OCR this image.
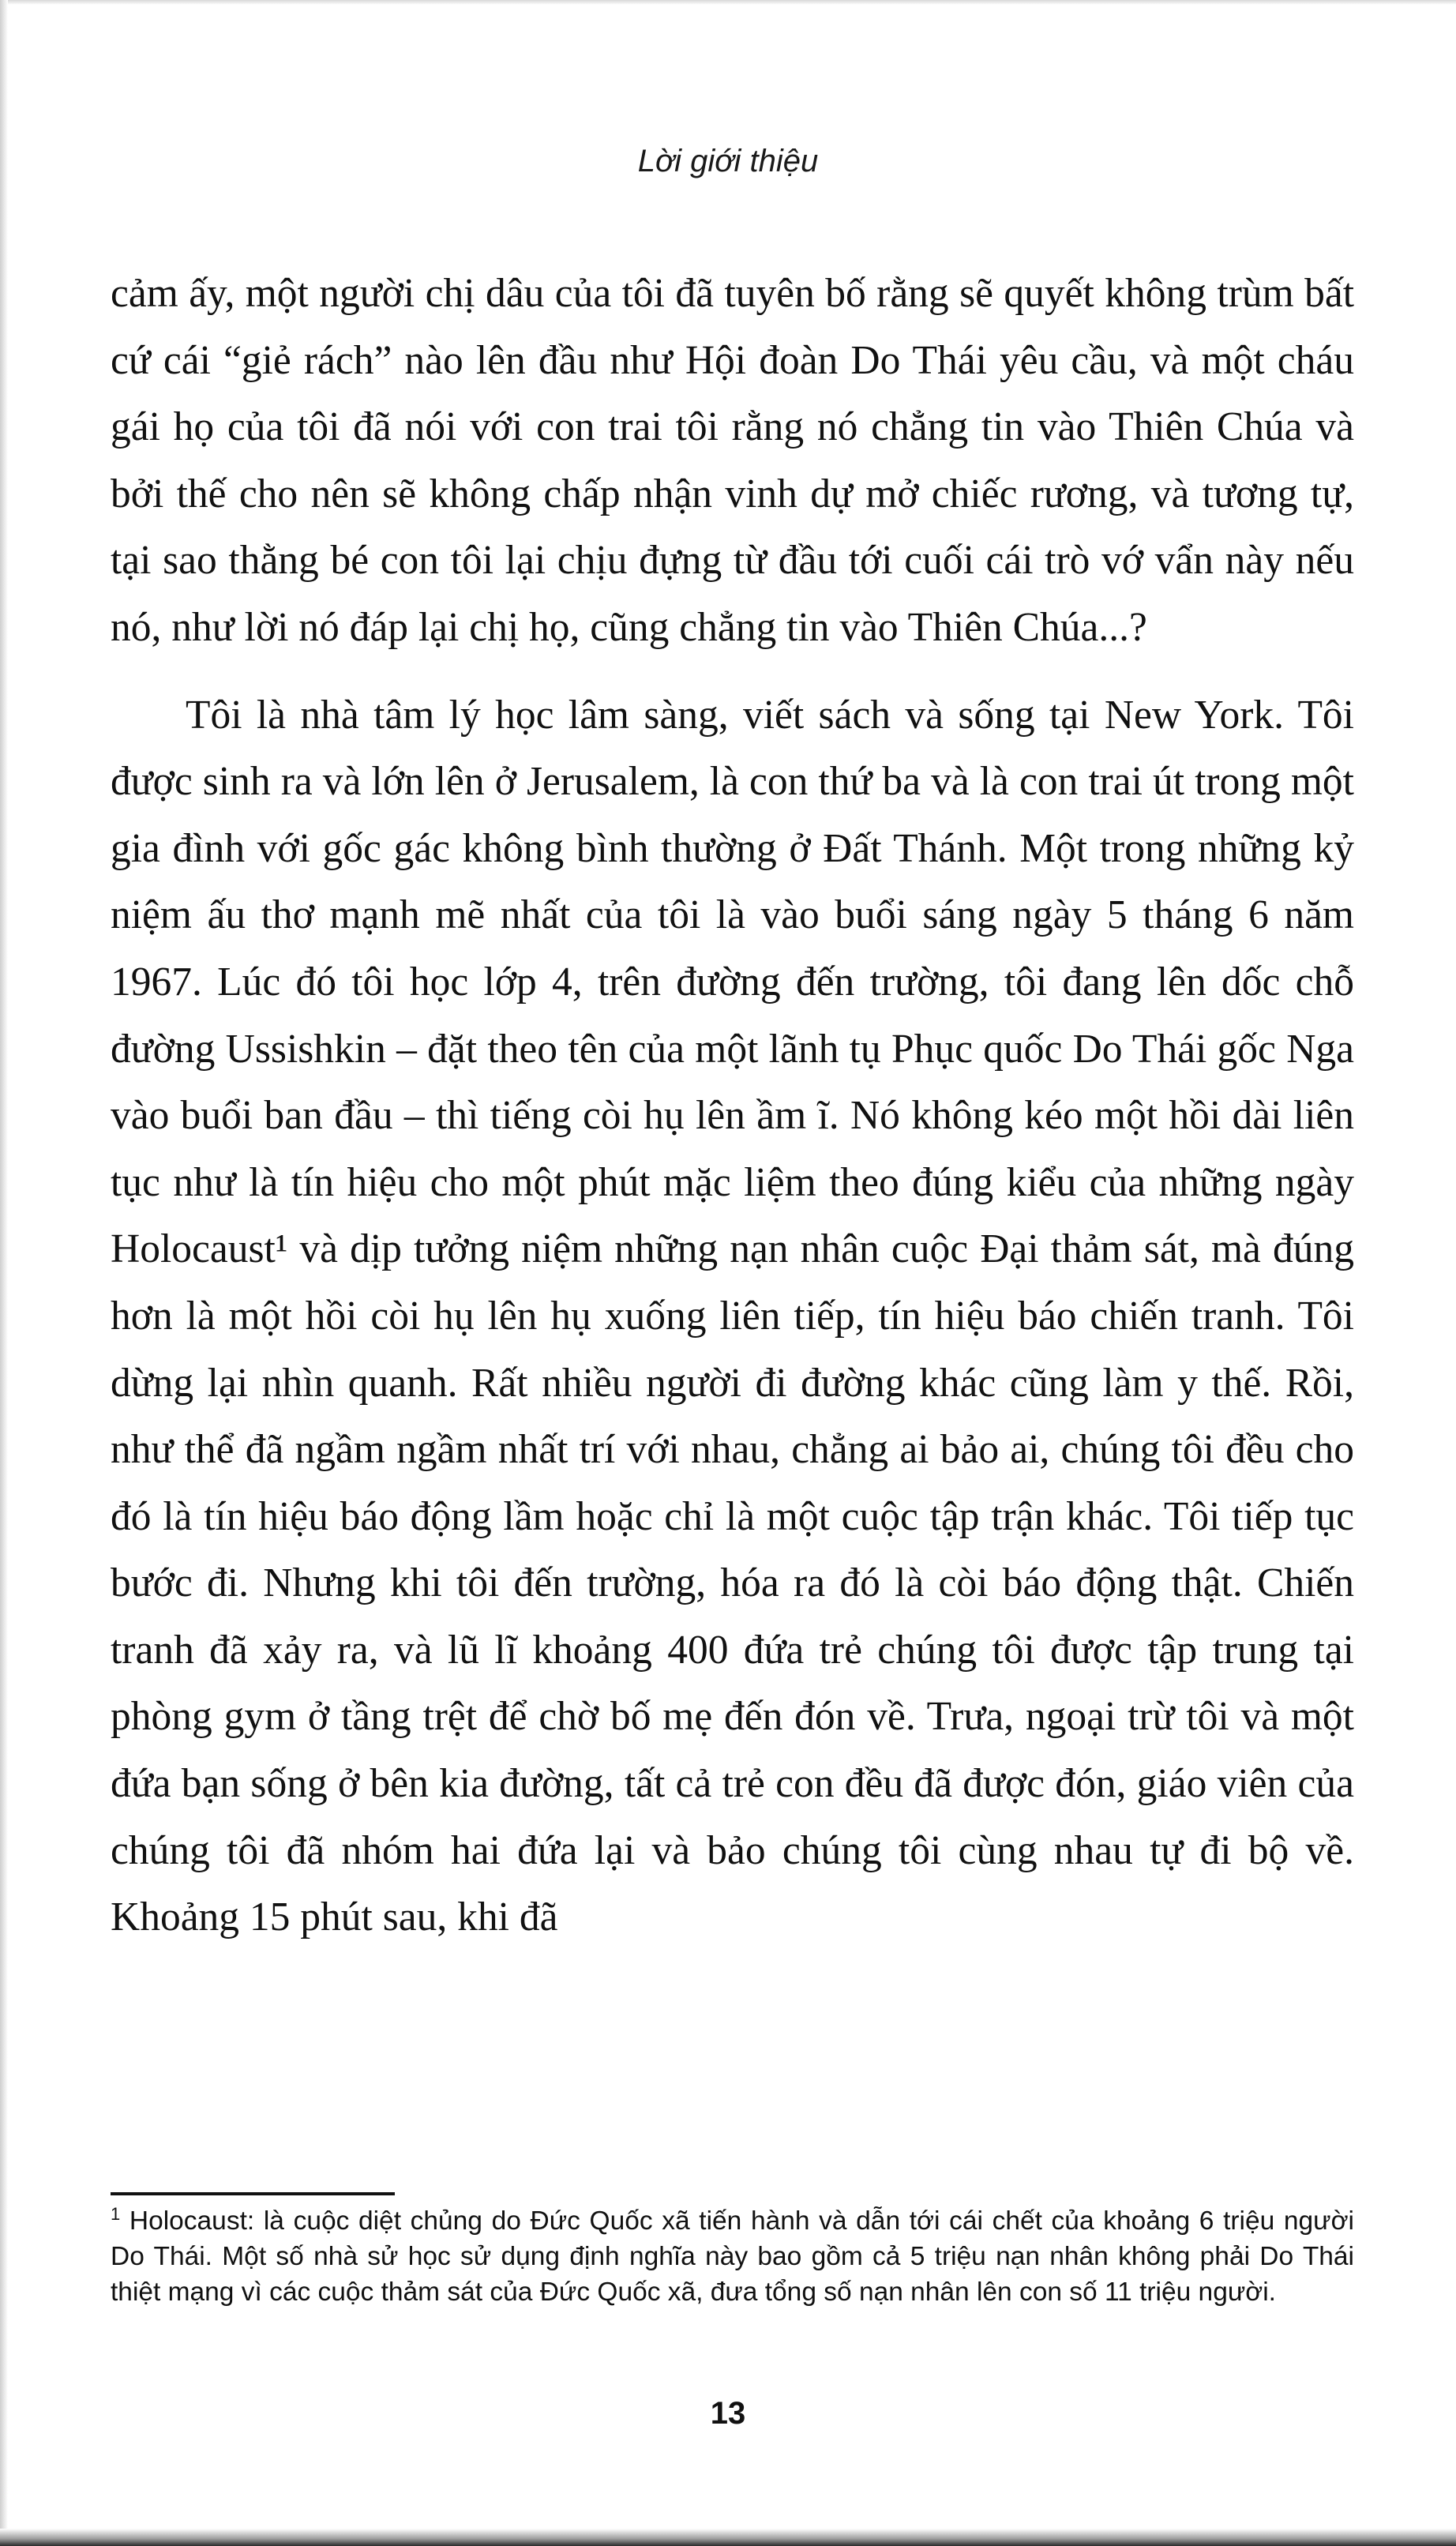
Lời giới thiệu

cảm ấy, một người chị dâu của tôi đã tuyên bố rằng sẽ quyết không trùm bất cứ cái “giẻ rách” nào lên đầu như Hội đoàn Do Thái yêu cầu, và một cháu gái họ của tôi đã nói với con trai tôi rằng nó chẳng tin vào Thiên Chúa và bởi thế cho nên sẽ không chấp nhận vinh dự mở chiếc rương, và tương tự, tại sao thằng bé con tôi lại chịu đựng từ đầu tới cuối cái trò vớ vẩn này nếu nó, như lời nó đáp lại chị họ, cũng chẳng tin vào Thiên Chúa...?

Tôi là nhà tâm lý học lâm sàng, viết sách và sống tại New York. Tôi được sinh ra và lớn lên ở Jerusalem, là con thứ ba và là con trai út trong một gia đình với gốc gác không bình thường ở Đất Thánh. Một trong những kỷ niệm ấu thơ mạnh mẽ nhất của tôi là vào buổi sáng ngày 5 tháng 6 năm 1967. Lúc đó tôi học lớp 4, trên đường đến trường, tôi đang lên dốc chỗ đường Ussishkin – đặt theo tên của một lãnh tụ Phục quốc Do Thái gốc Nga vào buổi ban đầu – thì tiếng còi hụ lên ầm ĩ. Nó không kéo một hồi dài liên tục như là tín hiệu cho một phút mặc liệm theo đúng kiểu của những ngày Holocaust¹ và dịp tưởng niệm những nạn nhân cuộc Đại thảm sát, mà đúng hơn là một hồi còi hụ lên hụ xuống liên tiếp, tín hiệu báo chiến tranh. Tôi dừng lại nhìn quanh. Rất nhiều người đi đường khác cũng làm y thế. Rồi, như thể đã ngầm ngầm nhất trí với nhau, chẳng ai bảo ai, chúng tôi đều cho đó là tín hiệu báo động lầm hoặc chỉ là một cuộc tập trận khác. Tôi tiếp tục bước đi. Nhưng khi tôi đến trường, hóa ra đó là còi báo động thật. Chiến tranh đã xảy ra, và lũ lĩ khoảng 400 đứa trẻ chúng tôi được tập trung tại phòng gym ở tầng trệt để chờ bố mẹ đến đón về. Trưa, ngoại trừ tôi và một đứa bạn sống ở bên kia đường, tất cả trẻ con đều đã được đón, giáo viên của chúng tôi đã nhóm hai đứa lại và bảo chúng tôi cùng nhau tự đi bộ về. Khoảng 15 phút sau, khi đã

$^1$ Holocaust: là cuộc diệt chủng do Đức Quốc xã tiến hành và dẫn tới cái chết của khoảng 6 triệu người Do Thái. Một số nhà sử học sử dụng định nghĩa này bao gồm cả 5 triệu nạn nhân không phải Do Thái thiệt mạng vì các cuộc thảm sát của Đức Quốc xã, đưa tổng số nạn nhân lên con số 11 triệu người.
13
